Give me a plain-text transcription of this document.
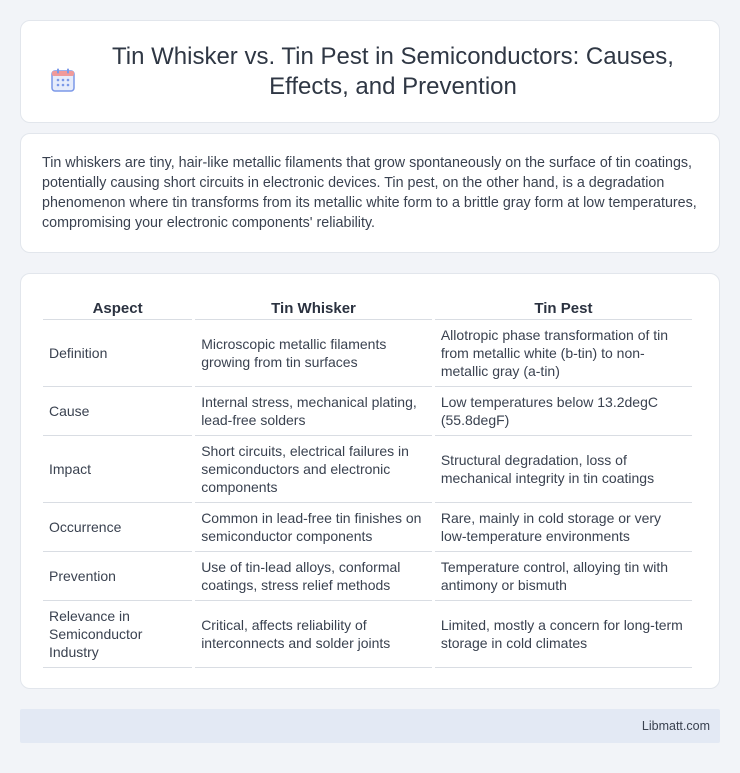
Tin Whisker vs. Tin Pest in Semiconductors: Causes, Effects, and Prevention

Tin whiskers are tiny, hair-like metallic filaments that grow spontaneously on the surface of tin coatings, potentially causing short circuits in electronic devices. Tin pest, on the other hand, is a degradation phenomenon where tin transforms from its metallic white form to a brittle gray form at low temperatures, compromising your electronic components' reliability.

Aspect	Tin Whisker	Tin Pest
Definition	Microscopic metallic filaments growing from tin surfaces	Allotropic phase transformation of tin from metallic white (b-tin) to non-metallic gray (a-tin)
Cause	Internal stress, mechanical plating, lead-free solders	Low temperatures below 13.2degC (55.8degF)
Impact	Short circuits, electrical failures in semiconductors and electronic components	Structural degradation, loss of mechanical integrity in tin coatings
Occurrence	Common in lead-free tin finishes on semiconductor components	Rare, mainly in cold storage or very low-temperature environments
Prevention	Use of tin-lead alloys, conformal coatings, stress relief methods	Temperature control, alloying tin with antimony or bismuth
Relevance in Semiconductor Industry	Critical, affects reliability of interconnects and solder joints	Limited, mostly a concern for long-term storage in cold climates
Libmatt.com
